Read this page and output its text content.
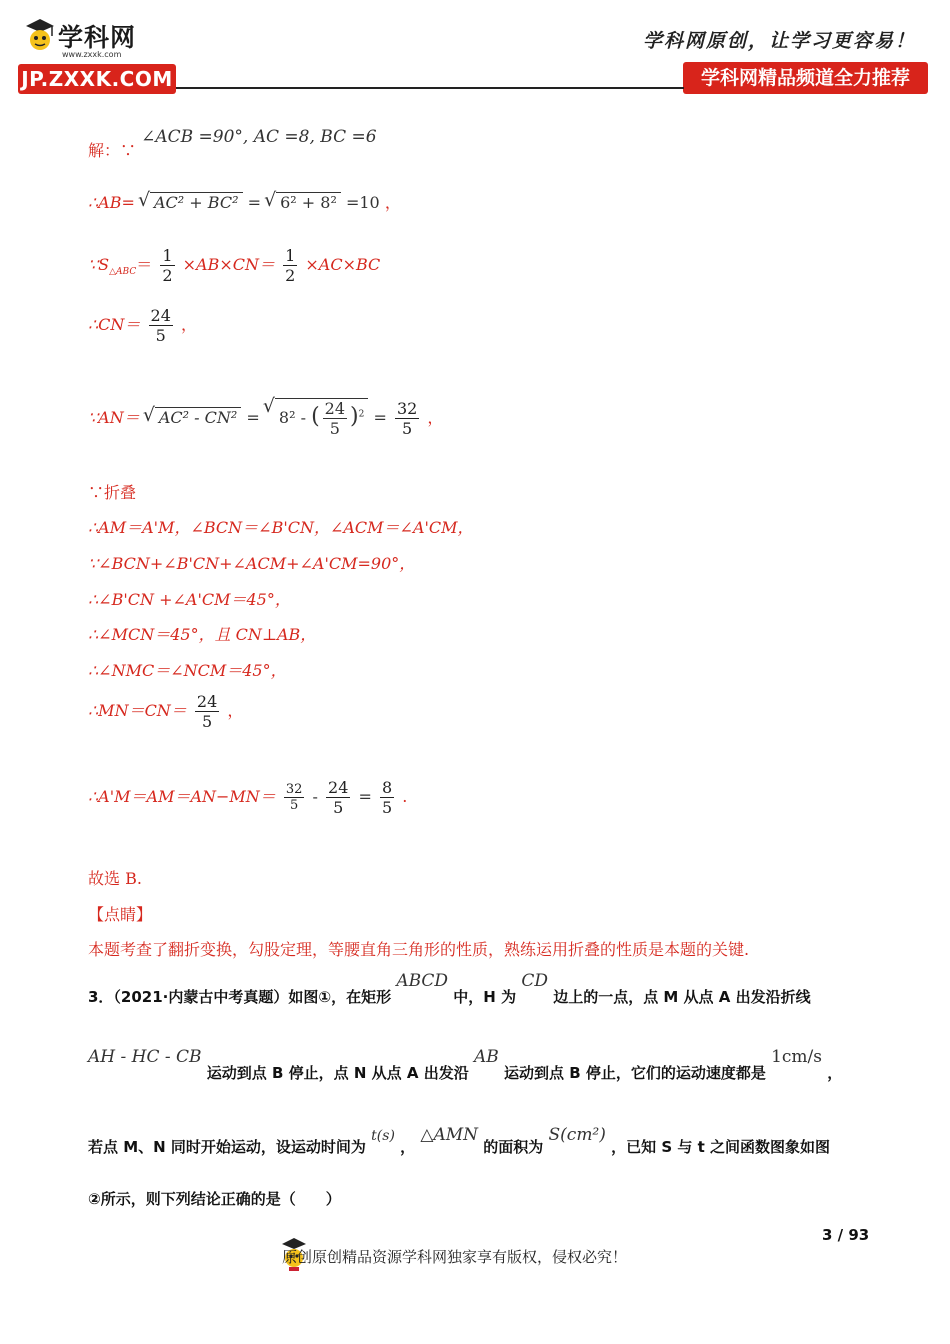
学科网
www.zxxk.com
JP.ZXXK.COM
学科网原创，让学习更容易！
学科网精品频道全力推荐
解：∵ ∠ACB =90°, AC =8, BC =6
∴AB= √ AC² + BC² = √ 6² + 8² =10 ，
$\because S_{\triangle ABC}= \frac{1}{2} \times AB\times CN= \frac{1}{2} \times AC\times BC$
∴CN＝ $\frac{24}{5}$ ，
∵AN＝ √ AC² - CN² = √ 8² - ( $\frac{24}{5} )^2 = \frac{32}{5}$ ，
∵折叠
∴AM＝A'M，∠BCN＝∠B'CN，∠ACM＝∠A'CM，
∵∠BCN+∠B'CN+∠ACM+∠A'CM=90°，
∴∠B'CN +∠A'CM＝45°，
∴∠MCN＝45°，且 CN⊥AB，
∴∠NMC＝∠NCM＝45°，
∴MN＝CN＝ $\frac{24}{5}$ ，
∴A'M＝AM＝AN−MN＝ $\frac{32}{5} - \frac{24}{5} = \frac{8}{5}$ .
故选 B.
【点睛】
本题考查了翻折变换，勾股定理，等腰直角三角形的性质，熟练运用折叠的性质是本题的关键.
3．（2021·内蒙古中考真题）如图①，在矩形 ABCD 中，H 为 CD 边上的一点，点 M 从点 A 出发沿折线
AH - HC - CB 运动到点 B 停止，点 N 从点 A 出发沿 AB 运动到点 B 停止，它们的运动速度都是 1cm/s ，
若点 M、N 同时开始运动，设运动时间为 t(s) ， △AMN 的面积为 S(cm²) ，已知 S 与 t 之间函数图象如图
②所示，则下列结论正确的是（　　）
3 / 93
原创原创精品资源学科网独家享有版权，侵权必究！
